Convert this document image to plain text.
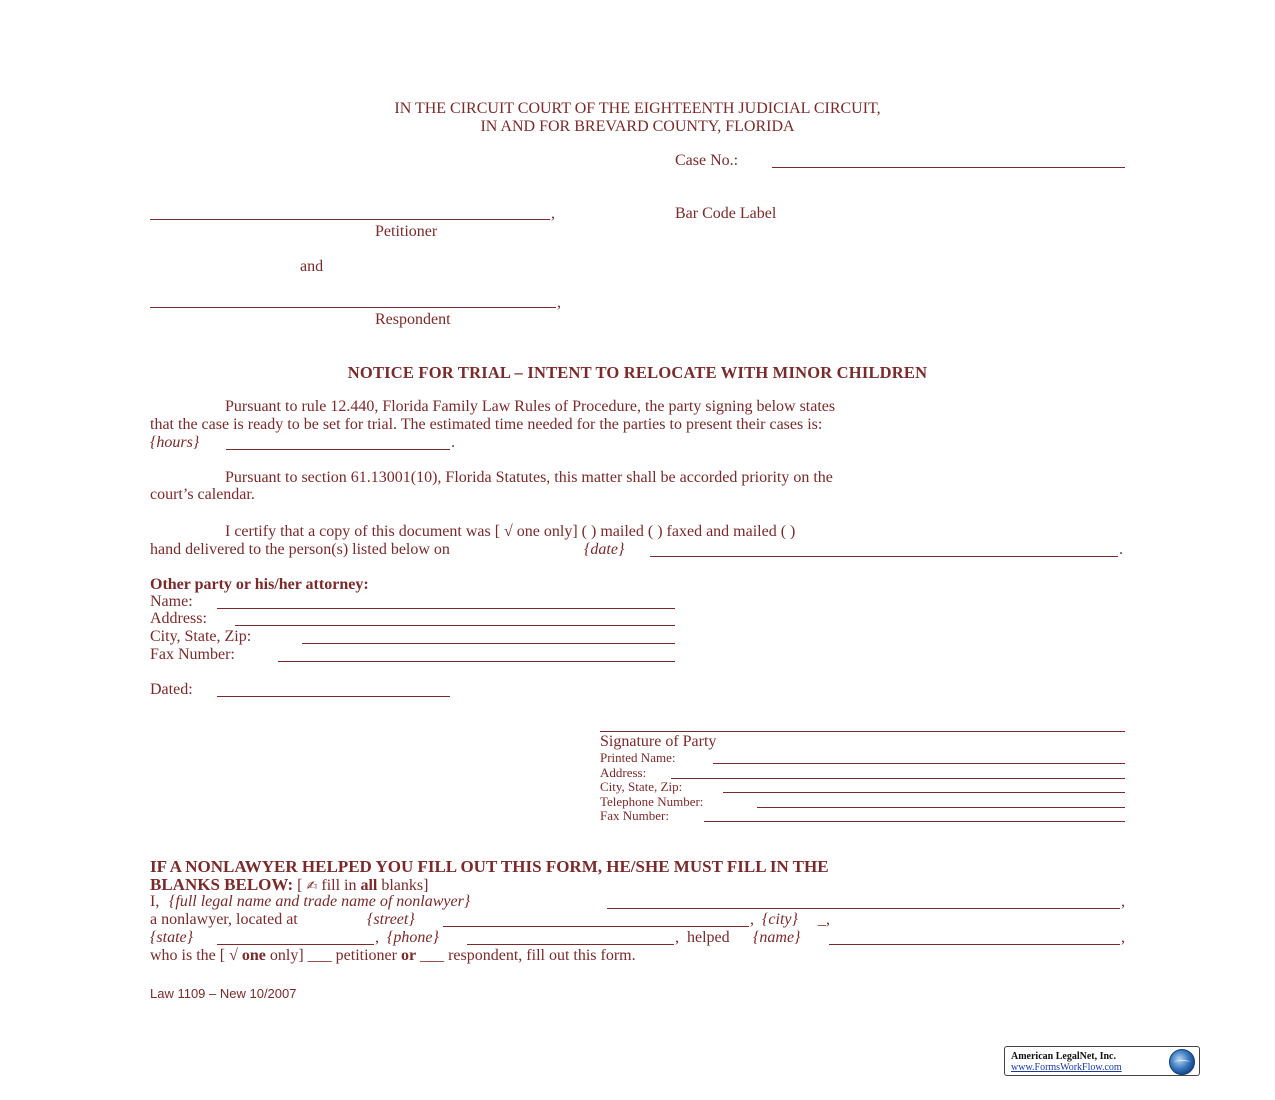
IN THE CIRCUIT COURT OF THE EIGHTEENTH JUDICIAL CIRCUIT,
IN AND FOR BREVARD COUNTY, FLORIDA
Case No.:
,	Bar Code Label
Petitioner
and
,
Respondent
NOTICE FOR TRIAL – INTENT TO RELOCATE WITH MINOR CHILDREN
Pursuant to rule 12.440, Florida Family Law Rules of Procedure, the party signing below states
that the case is ready to be set for trial. The estimated time needed for the parties to present their cases is:
{hours}	.
Pursuant to section 61.13001(10), Florida Statutes, this matter shall be accorded priority on the
court’s calendar.
I certify that a copy of this document was [ √ one only] ( ) mailed ( ) faxed and mailed ( )
hand delivered to the person(s) listed below on	{date}	.
Other party or his/her attorney:
Name:
Address:
City, State, Zip:
Fax Number:
Dated:
Signature of Party
Printed Name:
Address:
City, State, Zip:
Telephone Number:
Fax Number:
IF A NONLAWYER HELPED YOU FILL OUT THIS FORM, HE/SHE MUST FILL IN THE
BLANKS BELOW: [ ✍ fill in all blanks]
I, {full legal name and trade name of nonlawyer}	,
a nonlawyer, located at	{street}	, {city} _,
{state}	, {phone}	, helped {name}	,
who is the [ √ one only] ___ petitioner or ___ respondent, fill out this form.
Law 1109 – New 10/2007
American LegalNet, Inc.
www.FormsWorkFlow.com
